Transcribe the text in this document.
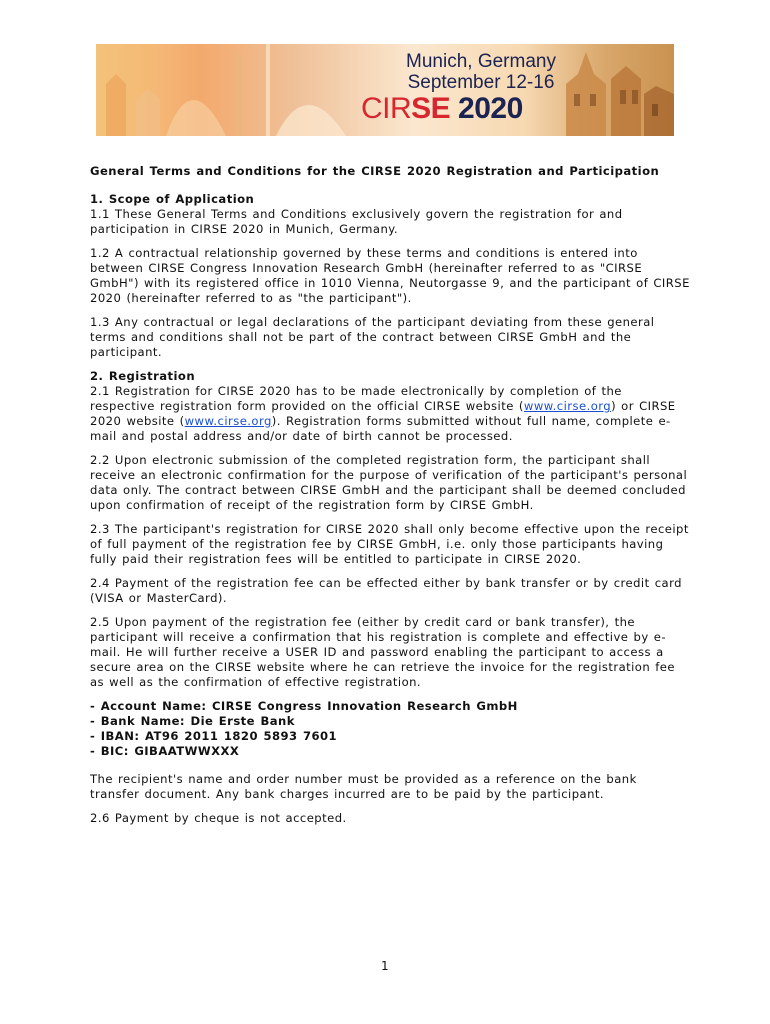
Munich, Germany
September 12-16
CIRSE 2020
General Terms and Conditions for the CIRSE 2020 Registration and Participation

1. Scope of Application
1.1 These General Terms and Conditions exclusively govern the registration for and participation in CIRSE 2020 in Munich, Germany.

1.2 A contractual relationship governed by these terms and conditions is entered into between CIRSE Congress Innovation Research GmbH (hereinafter referred to as "CIRSE GmbH") with its registered office in 1010 Vienna, Neutorgasse 9, and the participant of CIRSE 2020 (hereinafter referred to as "the participant").

1.3 Any contractual or legal declarations of the participant deviating from these general terms and conditions shall not be part of the contract between CIRSE GmbH and the participant.

2. Registration
2.1 Registration for CIRSE 2020 has to be made electronically by completion of the respective registration form provided on the official CIRSE website (www.cirse.org) or CIRSE 2020 website (www.cirse.org). Registration forms submitted without full name, complete e-mail and postal address and/or date of birth cannot be processed.

2.2 Upon electronic submission of the completed registration form, the participant shall receive an electronic confirmation for the purpose of verification of the participant's personal data only. The contract between CIRSE GmbH and the participant shall be deemed concluded upon confirmation of receipt of the registration form by CIRSE GmbH.

2.3 The participant's registration for CIRSE 2020 shall only become effective upon the receipt of full payment of the registration fee by CIRSE GmbH, i.e. only those participants having fully paid their registration fees will be entitled to participate in CIRSE 2020.

2.4 Payment of the registration fee can be effected either by bank transfer or by credit card (VISA or MasterCard).

2.5 Upon payment of the registration fee (either by credit card or bank transfer), the participant will receive a confirmation that his registration is complete and effective by e-mail. He will further receive a USER ID and password enabling the participant to access a secure area on the CIRSE website where he can retrieve the invoice for the registration fee as well as the confirmation of effective registration.

- Account Name: CIRSE Congress Innovation Research GmbH
- Bank Name: Die Erste Bank
- IBAN: AT96 2011 1820 5893 7601
- BIC: GIBAATWWXXX

The recipient's name and order number must be provided as a reference on the bank transfer document. Any bank charges incurred are to be paid by the participant.

2.6 Payment by cheque is not accepted.

1
